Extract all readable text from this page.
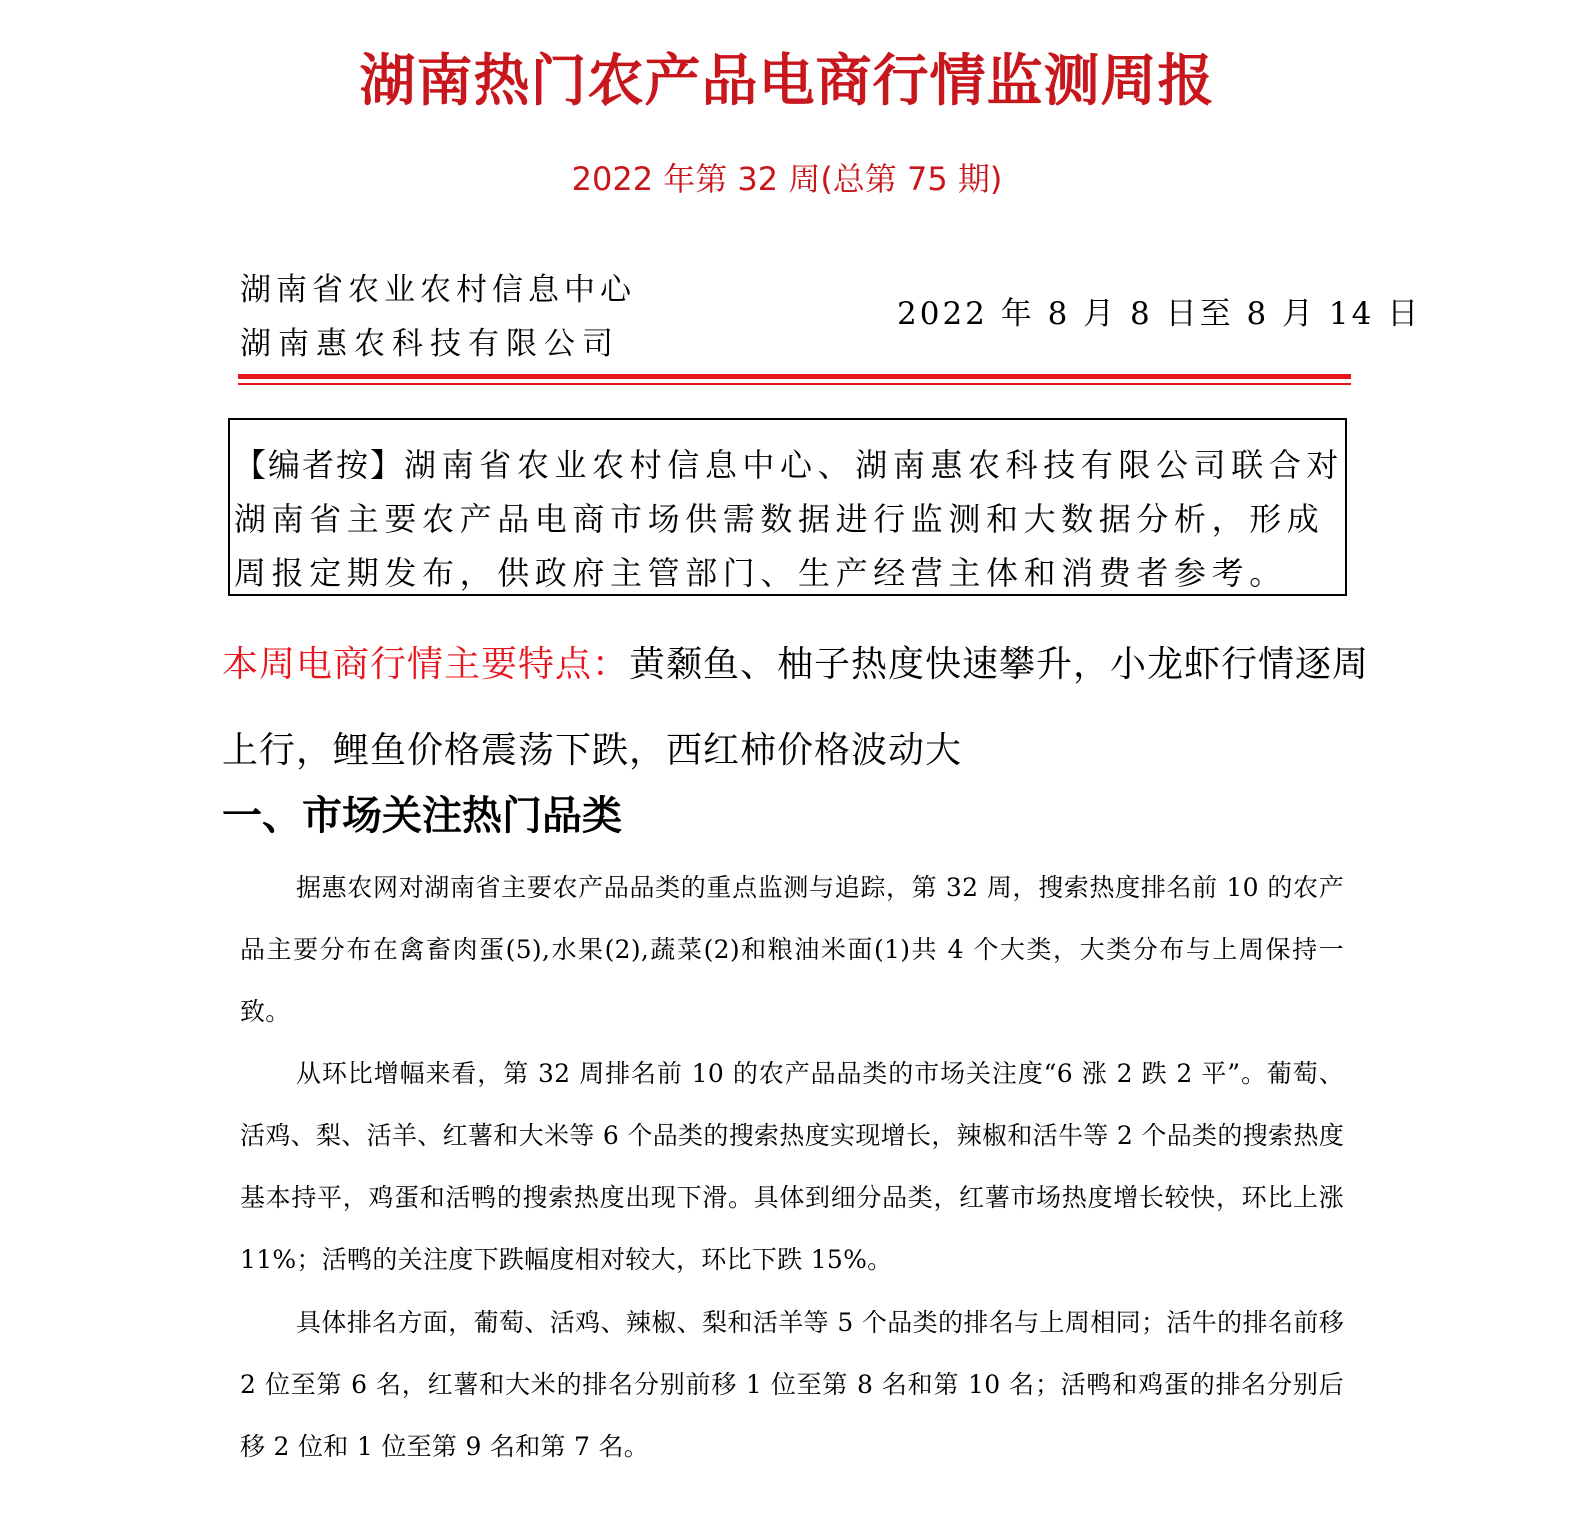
湖南热门农产品电商行情监测周报
2022 年第 32 周(总第 75 期)
湖南省农业农村信息中心
湖南惠农科技有限公司
2022 年 8 月 8 日至 8 月 14 日

【编者按】湖南省农业农村信息中心、湖南惠农科技有限公司联合对湖南省主要农产品电商市场供需数据进行监测和大数据分析，形成周报定期发布，供政府主管部门、生产经营主体和消费者参考。

本周电商行情主要特点：黄颡鱼、柚子热度快速攀升，小龙虾行情逐周上行，鲤鱼价格震荡下跌，西红柿价格波动大

一、市场关注热门品类

据惠农网对湖南省主要农产品品类的重点监测与追踪，第 32 周，搜索热度排名前 10 的农产品主要分布在禽畜肉蛋(5),水果(2),蔬菜(2)和粮油米面(1)共 4 个大类，大类分布与上周保持一致。

从环比增幅来看，第 32 周排名前 10 的农产品品类的市场关注度“6 涨 2 跌 2 平”。葡萄、活鸡、梨、活羊、红薯和大米等 6 个品类的搜索热度实现增长，辣椒和活牛等 2 个品类的搜索热度基本持平，鸡蛋和活鸭的搜索热度出现下滑。具体到细分品类，红薯市场热度增长较快，环比上涨 11%；活鸭的关注度下跌幅度相对较大，环比下跌 15%。

具体排名方面，葡萄、活鸡、辣椒、梨和活羊等 5 个品类的排名与上周相同；活牛的排名前移 2 位至第 6 名，红薯和大米的排名分别前移 1 位至第 8 名和第 10 名；活鸭和鸡蛋的排名分别后移 2 位和 1 位至第 9 名和第 7 名。
